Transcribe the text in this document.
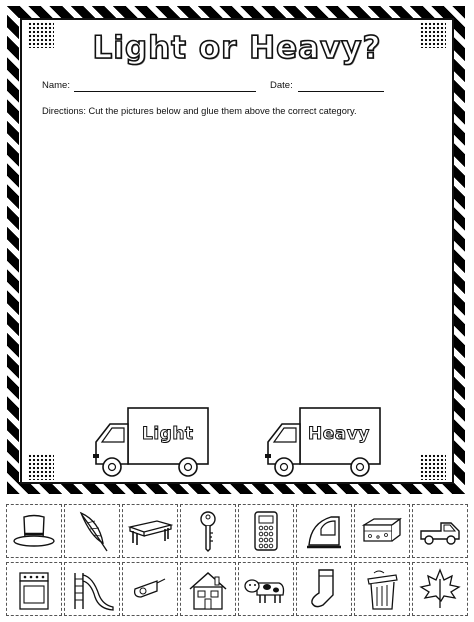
Light or Heavy?
Name:	Date:
Directions: Cut the pictures below and glue them above the correct category.
Light	Heavy
